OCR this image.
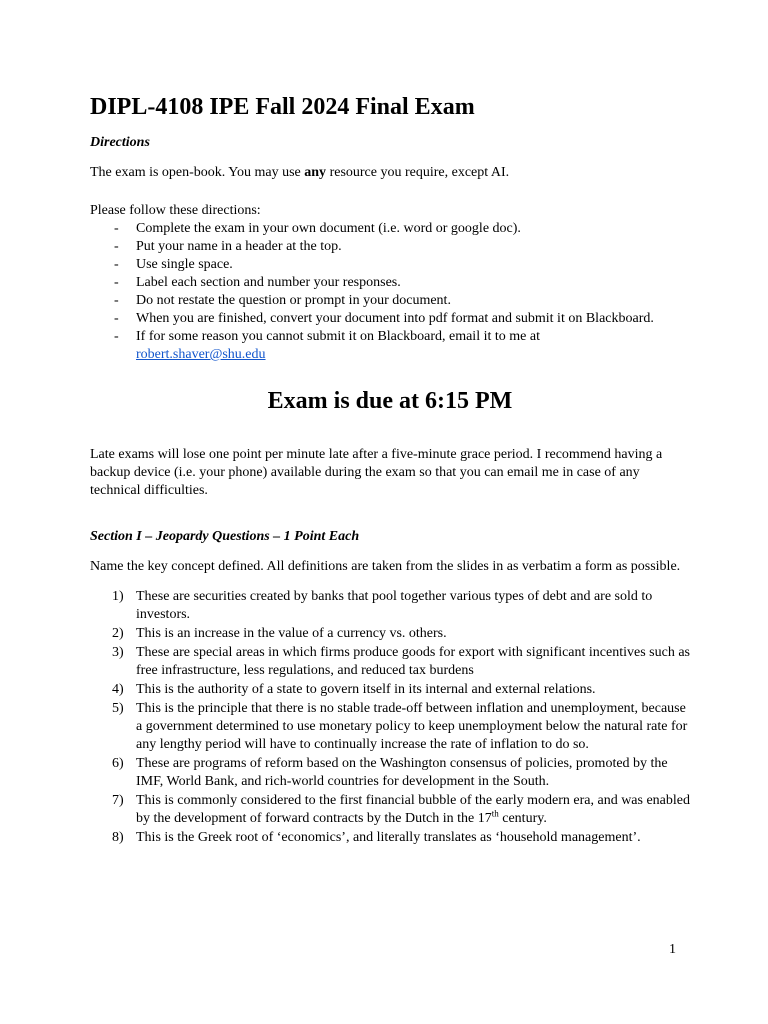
DIPL-4108 IPE Fall 2024 Final Exam
Directions

The exam is open-book. You may use any resource you require, except AI.

Please follow these directions:

- Complete the exam in your own document (i.e. word or google doc).
- Put your name in a header at the top.
- Use single space.
- Label each section and number your responses.
- Do not restate the question or prompt in your document.
- When you are finished, convert your document into pdf format and submit it on Blackboard.
- If for some reason you cannot submit it on Blackboard, email it to me at
robert.shaver@shu.edu
Exam is due at 6:15 PM

Late exams will lose one point per minute late after a five-minute grace period. I recommend having a backup device (i.e. your phone) available during the exam so that you can email me in case of any technical difficulties.

Section I – Jeopardy Questions – 1 Point Each

Name the key concept defined. All definitions are taken from the slides in as verbatim a form as possible.

1) These are securities created by banks that pool together various types of debt and are sold to investors.
2) This is an increase in the value of a currency vs. others.
3) These are special areas in which firms produce goods for export with significant incentives such as free infrastructure, less regulations, and reduced tax burdens
4) This is the authority of a state to govern itself in its internal and external relations.
5) This is the principle that there is no stable trade-off between inflation and unemployment, because a government determined to use monetary policy to keep unemployment below the natural rate for any lengthy period will have to continually increase the rate of inflation to do so.
6) These are programs of reform based on the Washington consensus of policies, promoted by the IMF, World Bank, and rich-world countries for development in the South.
7) This is commonly considered to the first financial bubble of the early modern era, and was enabled by the development of forward contracts by the Dutch in the 17th century.
8) This is the Greek root of ‘economics’, and literally translates as ‘household management’.
1
